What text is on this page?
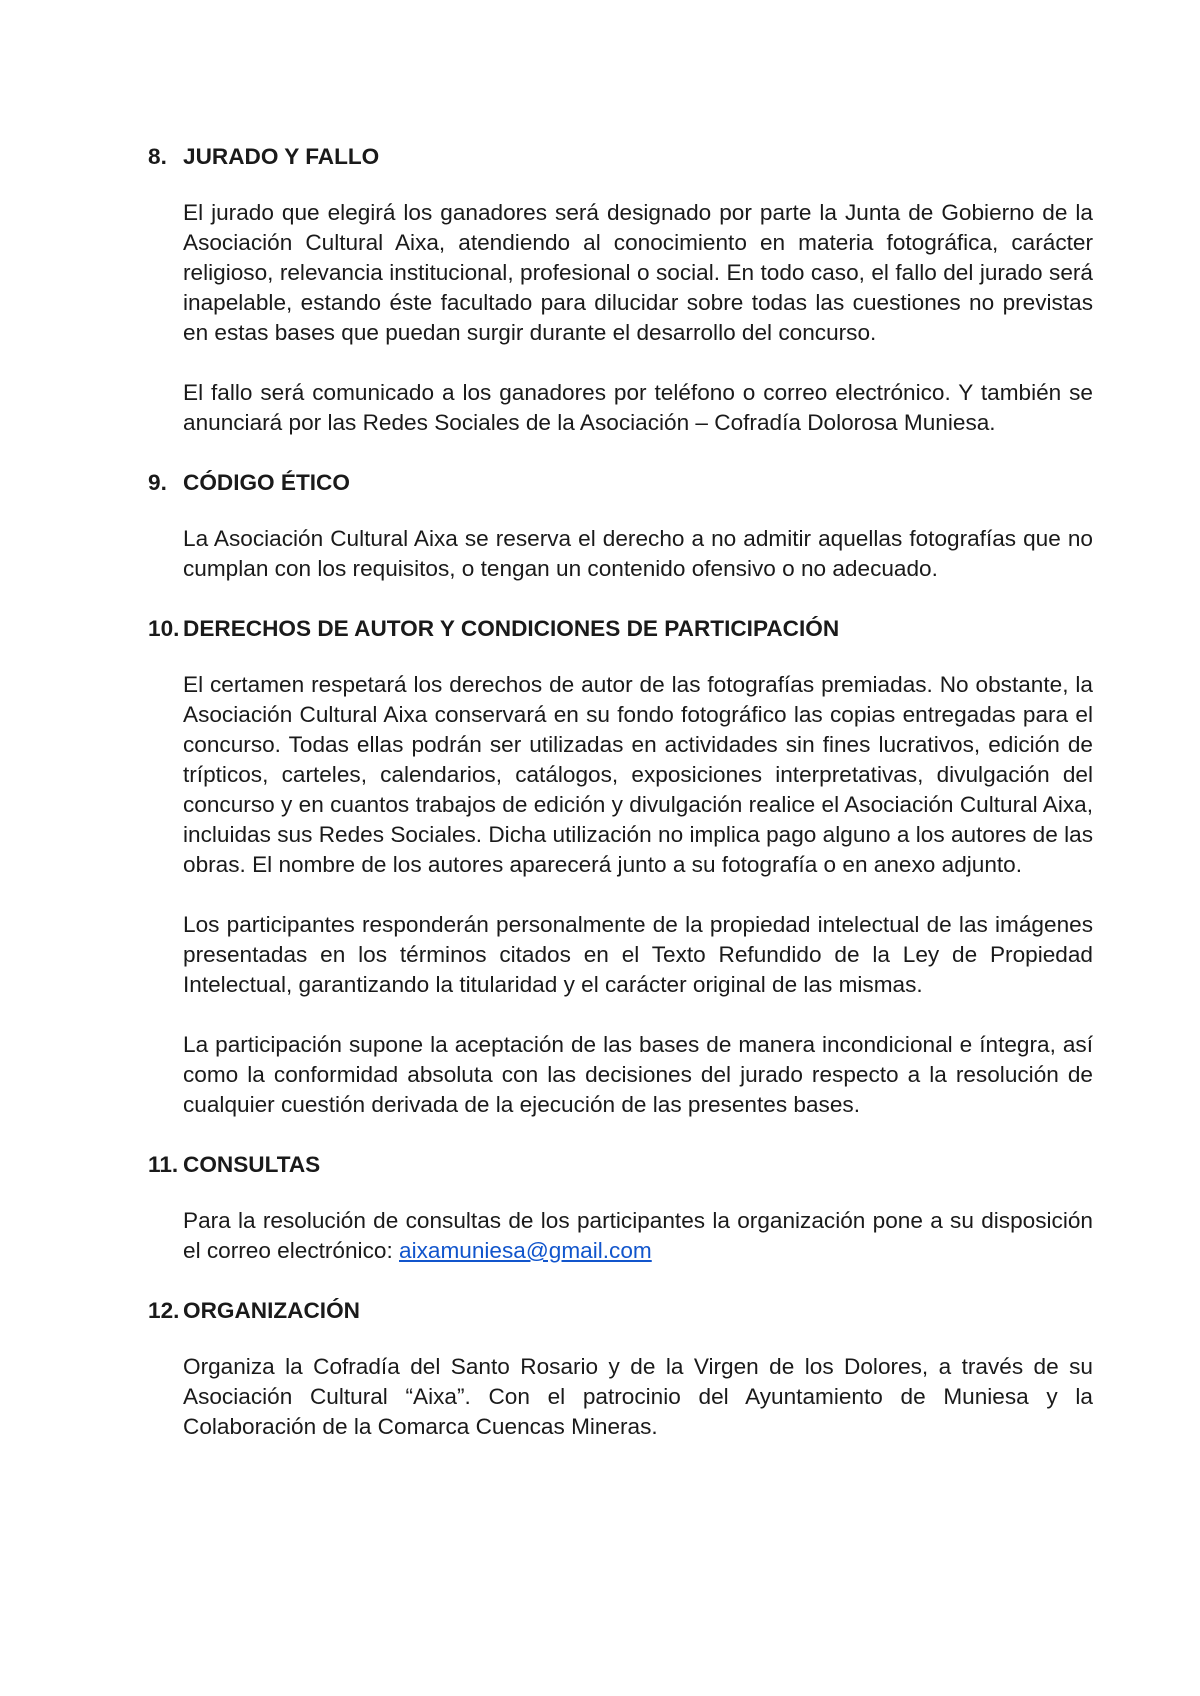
8. JURADO Y FALLO

El jurado que elegirá los ganadores será designado por parte la Junta de Gobierno de la Asociación Cultural Aixa, atendiendo al conocimiento en materia fotográfica, carácter religioso, relevancia institucional, profesional o social. En todo caso, el fallo del jurado será inapelable, estando éste facultado para dilucidar sobre todas las cuestiones no previstas en estas bases que puedan surgir durante el desarrollo del concurso.

El fallo será comunicado a los ganadores por teléfono o correo electrónico. Y también se anunciará por las Redes Sociales de la Asociación – Cofradía Dolorosa Muniesa.

9. CÓDIGO ÉTICO

La Asociación Cultural Aixa se reserva el derecho a no admitir aquellas fotografías que no cumplan con los requisitos, o tengan un contenido ofensivo o no adecuado.

10. DERECHOS DE AUTOR Y CONDICIONES DE PARTICIPACIÓN

El certamen respetará los derechos de autor de las fotografías premiadas. No obstante, la Asociación Cultural Aixa conservará en su fondo fotográfico las copias entregadas para el concurso. Todas ellas podrán ser utilizadas en actividades sin fines lucrativos, edición de trípticos, carteles, calendarios, catálogos, exposiciones interpretativas, divulgación del concurso y en cuantos trabajos de edición y divulgación realice el Asociación Cultural Aixa, incluidas sus Redes Sociales. Dicha utilización no implica pago alguno a los autores de las obras. El nombre de los autores aparecerá junto a su fotografía o en anexo adjunto.

Los participantes responderán personalmente de la propiedad intelectual de las imágenes presentadas en los términos citados en el Texto Refundido de la Ley de Propiedad Intelectual, garantizando la titularidad y el carácter original de las mismas.

La participación supone la aceptación de las bases de manera incondicional e íntegra, así como la conformidad absoluta con las decisiones del jurado respecto a la resolución de cualquier cuestión derivada de la ejecución de las presentes bases.

11. CONSULTAS

Para la resolución de consultas de los participantes la organización pone a su disposición el correo electrónico: aixamuniesa@gmail.com

12. ORGANIZACIÓN

Organiza la Cofradía del Santo Rosario y de la Virgen de los Dolores, a través de su Asociación Cultural “Aixa”. Con el patrocinio del Ayuntamiento de Muniesa y la Colaboración de la Comarca Cuencas Mineras.
